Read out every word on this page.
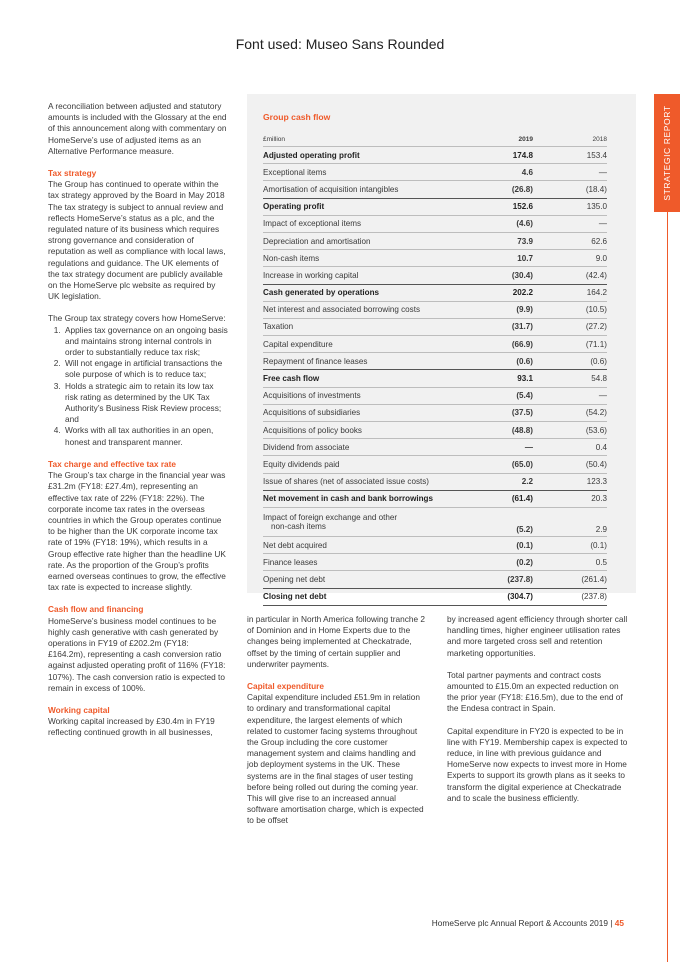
Font used: Museo Sans Rounded
STRATEGIC REPORT

A reconciliation between adjusted and statutory amounts is included with the Glossary at the end of this announcement along with commentary on HomeServe’s use of adjusted items as an Alternative Performance measure.

Tax strategy

The Group has continued to operate within the tax strategy approved by the Board in May 2018 The tax strategy is subject to annual review and reflects HomeServe’s status as a plc, and the regulated nature of its business which requires strong governance and consideration of reputation as well as compliance with local laws, regulations and guidance. The UK elements of the tax strategy document are publicly available on the HomeServe plc website as required by UK legislation.

The Group tax strategy covers how HomeServe:

1. Applies tax governance on an ongoing basis and maintains strong internal controls in order to substantially reduce tax risk;
2. Will not engage in artificial transactions the sole purpose of which is to reduce tax;
3. Holds a strategic aim to retain its low tax risk rating as determined by the UK Tax Authority’s Business Risk Review process; and
4. Works with all tax authorities in an open, honest and transparent manner.
Tax charge and effective tax rate

The Group’s tax charge in the financial year was £31.2m (FY18: £27.4m), representing an effective tax rate of 22% (FY18: 22%). The corporate income tax rates in the overseas countries in which the Group operates continue to be higher than the UK corporate income tax rate of 19% (FY18: 19%), which results in a Group effective rate higher than the headline UK rate. As the proportion of the Group’s profits earned overseas continues to grow, the effective tax rate is expected to increase slightly.

Cash flow and financing

HomeServe’s business model continues to be highly cash generative with cash generated by operations in FY19 of £202.2m (FY18: £164.2m), representing a cash conversion ratio against adjusted operating profit of 116% (FY18: 107%). The cash conversion ratio is expected to remain in excess of 100%.

Working capital

Working capital increased by £30.4m in FY19 reflecting continued growth in all businesses,

Group cash flow
£million	2019	2018
Adjusted operating profit	174.8	153.4
Exceptional items	4.6	—
Amortisation of acquisition intangibles	(26.8)	(18.4)
Operating profit	152.6	135.0
Impact of exceptional items	(4.6)	—
Depreciation and amortisation	73.9	62.6
Non-cash items	10.7	9.0
Increase in working capital	(30.4)	(42.4)
Cash generated by operations	202.2	164.2
Net interest and associated borrowing costs	(9.9)	(10.5)
Taxation	(31.7)	(27.2)
Capital expenditure	(66.9)	(71.1)
Repayment of finance leases	(0.6)	(0.6)
Free cash flow	93.1	54.8
Acquisitions of investments	(5.4)	—
Acquisitions of subsidiaries	(37.5)	(54.2)
Acquisitions of policy books	(48.8)	(53.6)
Dividend from associate	—	0.4
Equity dividends paid	(65.0)	(50.4)
Issue of shares (net of associated issue costs)	2.2	123.3
Net movement in cash and bank borrowings	(61.4)	20.3

Impact of foreign exchange and other
non-cash items	(5.2)	2.9
Net debt acquired	(0.1)	(0.1)
Finance leases	(0.2)	0.5
Opening net debt	(237.8)	(261.4)
Closing net debt	(304.7)	(237.8)

in particular in North America following tranche 2 of Dominion and in Home Experts due to the changes being implemented at Checkatrade, offset by the timing of certain supplier and underwriter payments.

Capital expenditure

Capital expenditure included £51.9m in relation to ordinary and transformational capital expenditure, the largest elements of which related to customer facing systems throughout the Group including the core customer management system and claims handling and job deployment systems in the UK. These systems are in the final stages of user testing before being rolled out during the coming year. This will give rise to an increased annual software amortisation charge, which is expected to be offset

by increased agent efficiency through shorter call handling times, higher engineer utilisation rates and more targeted cross sell and retention marketing opportunities.

Total partner payments and contract costs amounted to £15.0m an expected reduction on the prior year (FY18: £16.5m), due to the end of the Endesa contract in Spain.

Capital expenditure in FY20 is expected to be in line with FY19. Membership capex is expected to reduce, in line with previous guidance and HomeServe now expects to invest more in Home Experts to support its growth plans as it seeks to transform the digital experience at Checkatrade and to scale the business efficiently.

HomeServe plc Annual Report & Accounts 2019 | 45
